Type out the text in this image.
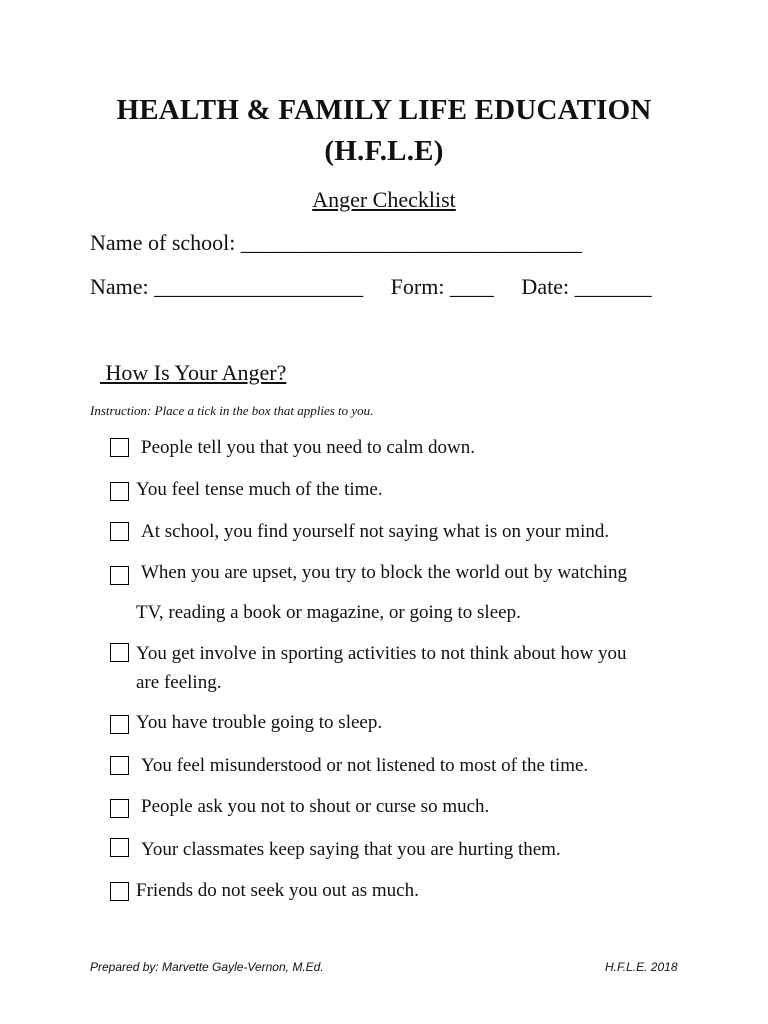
HEALTH & FAMILY LIFE EDUCATION
(H.F.L.E)
Anger Checklist
Name of school: _______________________________
Name: ___________________     Form: ____     Date: _______
How Is Your Anger?
Instruction: Place a tick in the box that applies to you.
People tell you that you need to calm down.
You feel tense much of the time.
At school, you find yourself not saying what is on your mind.
When you are upset, you try to block the world out by watching
TV, reading a book or magazine, or going to sleep.
You get involve in sporting activities to not think about how you
are feeling.
You have trouble going to sleep.
You feel misunderstood or not listened to most of the time.
People ask you not to shout or curse so much.
Your classmates keep saying that you are hurting them.
Friends do not seek you out as much.
Prepared by: Marvette Gayle-Vernon, M.Ed.	H.F.L.E. 2018
